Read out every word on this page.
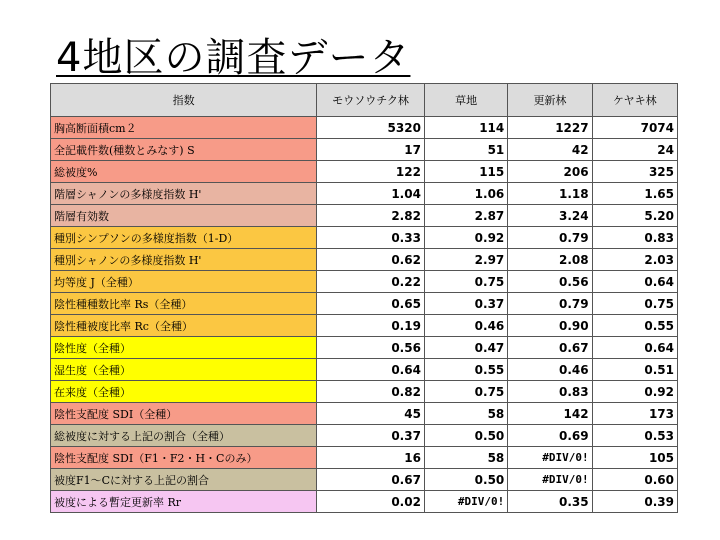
4地区の調査データ
指数	モウソウチク林	草地	更新林	ケヤキ林
胸高断面積cm２	5320	114	1227	7074
全記載件数(種数とみなす) S	17	51	42	24
総被度%	122	115	206	325
階層シャノンの多様度指数 H'	1.04	1.06	1.18	1.65
階層有効数	2.82	2.87	3.24	5.20
種別シンプソンの多様度指数（1-D）	0.33	0.92	0.79	0.83
種別シャノンの多様度指数 H'	0.62	2.97	2.08	2.03
均等度 J（全種）	0.22	0.75	0.56	0.64
陰性種種数比率 Rs（全種）	0.65	0.37	0.79	0.75
陰性種被度比率 Rc（全種）	0.19	0.46	0.90	0.55
陰性度（全種）	0.56	0.47	0.67	0.64
湿生度（全種）	0.64	0.55	0.46	0.51
在来度（全種）	0.82	0.75	0.83	0.92
陰性支配度 SDI（全種）	45	58	142	173
総被度に対する上記の割合（全種）	0.37	0.50	0.69	0.53
陰性支配度 SDI（F1・F2・H・Cのみ）	16	58	#DIV/0!	105
被度F1～Cに対する上記の割合	0.67	0.50	#DIV/0!	0.60
被度による暫定更新率 Rr	0.02	#DIV/0!	0.35	0.39
